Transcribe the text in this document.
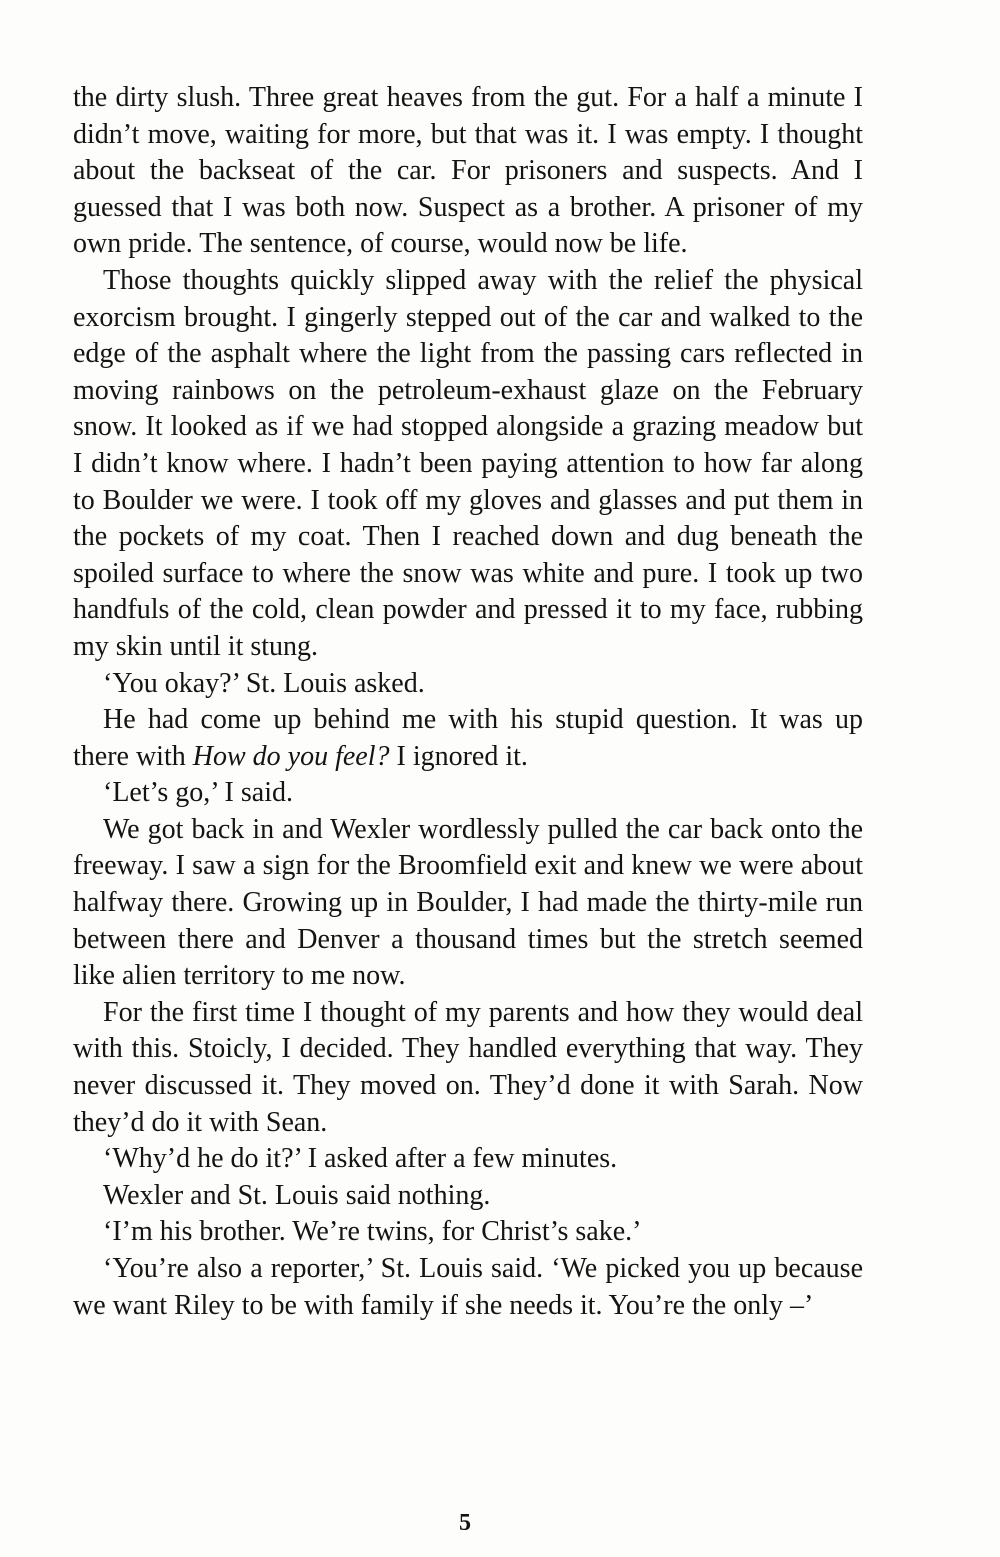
the dirty slush. Three great heaves from the gut. For a half a minute I didn’t move, waiting for more, but that was it. I was empty. I thought about the backseat of the car. For prisoners and suspects. And I guessed that I was both now. Suspect as a brother. A prisoner of my own pride. The sentence, of course, would now be life.

Those thoughts quickly slipped away with the relief the physical exorcism brought. I gingerly stepped out of the car and walked to the edge of the asphalt where the light from the passing cars reflected in moving rainbows on the petroleum-exhaust glaze on the February snow. It looked as if we had stopped alongside a grazing meadow but I didn’t know where. I hadn’t been paying attention to how far along to Boulder we were. I took off my gloves and glasses and put them in the pockets of my coat. Then I reached down and dug beneath the spoiled surface to where the snow was white and pure. I took up two handfuls of the cold, clean powder and pressed it to my face, rubbing my skin until it stung.

‘You okay?’ St. Louis asked.

He had come up behind me with his stupid question. It was up there with How do you feel? I ignored it.

‘Let’s go,’ I said.

We got back in and Wexler wordlessly pulled the car back onto the freeway. I saw a sign for the Broomfield exit and knew we were about halfway there. Growing up in Boulder, I had made the thirty-mile run between there and Denver a thousand times but the stretch seemed like alien territory to me now.

For the first time I thought of my parents and how they would deal with this. Stoicly, I decided. They handled everything that way. They never discussed it. They moved on. They’d done it with Sarah. Now they’d do it with Sean.

‘Why’d he do it?’ I asked after a few minutes.

Wexler and St. Louis said nothing.

‘I’m his brother. We’re twins, for Christ’s sake.’

‘You’re also a reporter,’ St. Louis said. ‘We picked you up because we want Riley to be with family if she needs it. You’re the only –’

5
